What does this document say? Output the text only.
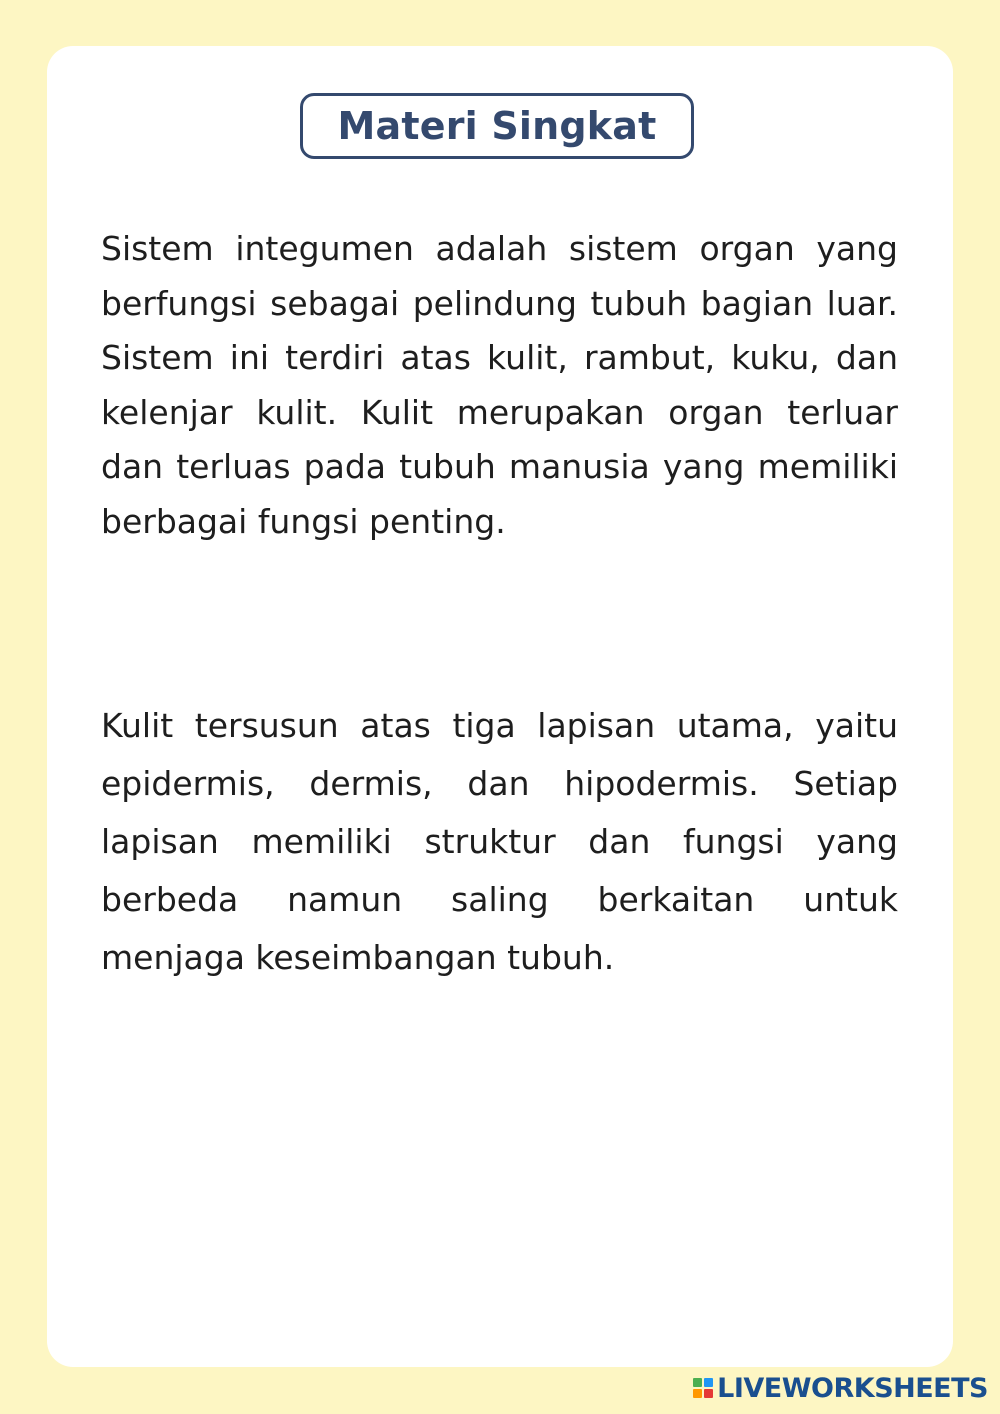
Materi Singkat

Sistem integumen adalah sistem organ yang berfungsi sebagai pelindung tubuh bagian luar. Sistem ini terdiri atas kulit, rambut, kuku, dan kelenjar kulit. Kulit merupakan organ terluar dan terluas pada tubuh manusia yang memiliki berbagai fungsi penting.

Kulit tersusun atas tiga lapisan utama, yaitu epidermis, dermis, dan hipodermis. Setiap lapisan memiliki struktur dan fungsi yang berbeda namun saling berkaitan untuk menjaga keseimbangan tubuh.

LIVEWORKSHEETS
